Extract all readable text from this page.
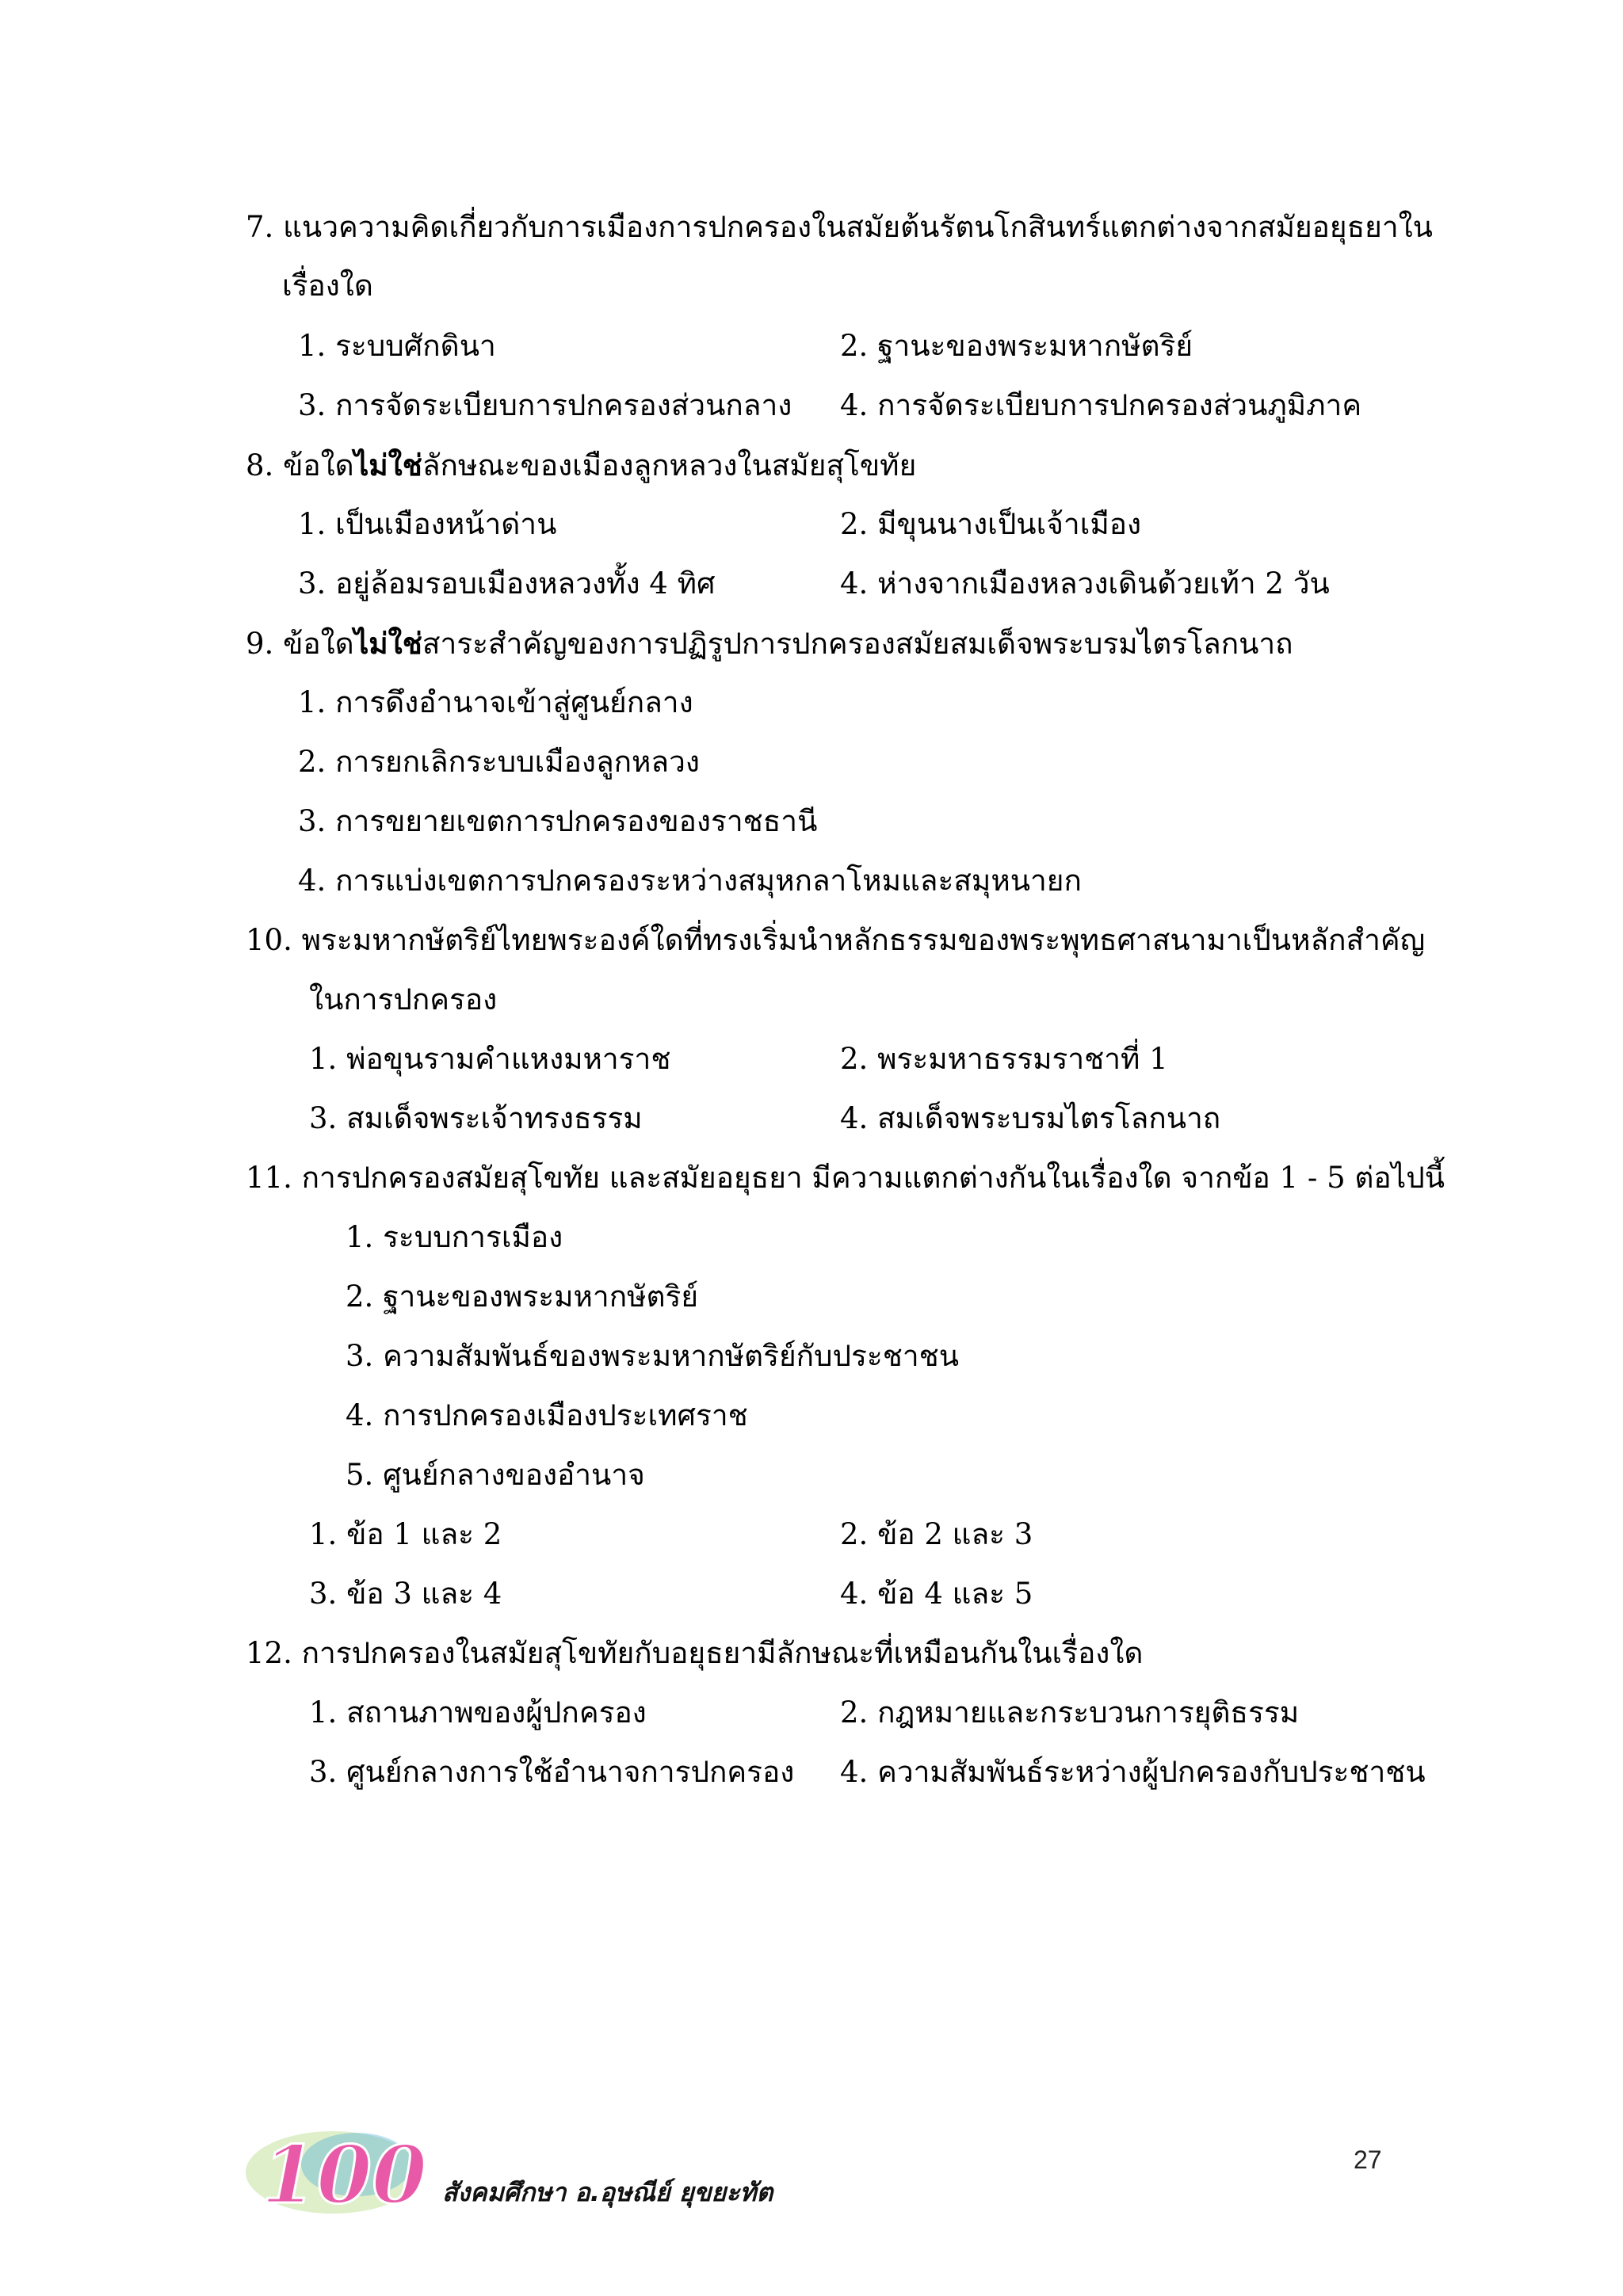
7. แนวความคิดเกี่ยวกับการเมืองการปกครองในสมัยต้นรัตนโกสินทร์แตกต่างจากสมัยอยุธยาใน
เรื่องใด
1. ระบบศักดินา	2. ฐานะของพระมหากษัตริย์
3. การจัดระเบียบการปกครองส่วนกลาง 4. การจัดระเบียบการปกครองส่วนภูมิภาค
8. ข้อใดไม่ใช่ลักษณะของเมืองลูกหลวงในสมัยสุโขทัย
1. เป็นเมืองหน้าด่าน	2. มีขุนนางเป็นเจ้าเมือง
3. อยู่ล้อมรอบเมืองหลวงทั้ง 4 ทิศ	4. ห่างจากเมืองหลวงเดินด้วยเท้า 2 วัน
9. ข้อใดไม่ใช่สาระสำคัญของการปฏิรูปการปกครองสมัยสมเด็จพระบรมไตรโลกนาถ
1. การดึงอำนาจเข้าสู่ศูนย์กลาง
2. การยกเลิกระบบเมืองลูกหลวง
3. การขยายเขตการปกครองของราชธานี
4. การแบ่งเขตการปกครองระหว่างสมุหกลาโหมและสมุหนายก
10. พระมหากษัตริย์ไทยพระองค์ใดที่ทรงเริ่มนำหลักธรรมของพระพุทธศาสนามาเป็นหลักสำคัญ
ในการปกครอง
1. พ่อขุนรามคำแหงมหาราช	2. พระมหาธรรมราชาที่ 1
3. สมเด็จพระเจ้าทรงธรรม	4. สมเด็จพระบรมไตรโลกนาถ
11. การปกครองสมัยสุโขทัย และสมัยอยุธยา มีความแตกต่างกันในเรื่องใด จากข้อ 1 - 5 ต่อไปนี้
1. ระบบการเมือง
2. ฐานะของพระมหากษัตริย์
3. ความสัมพันธ์ของพระมหากษัตริย์กับประชาชน
4. การปกครองเมืองประเทศราช
5. ศูนย์กลางของอำนาจ
1. ข้อ 1 และ 2	2. ข้อ 2 และ 3
3. ข้อ 3 และ 4	4. ข้อ 4 และ 5
12. การปกครองในสมัยสุโขทัยกับอยุธยามีลักษณะที่เหมือนกันในเรื่องใด
1. สถานภาพของผู้ปกครอง	2. กฎหมายและกระบวนการยุติธรรม
3. ศูนย์กลางการใช้อำนาจการปกครอง 4. ความสัมพันธ์ระหว่างผู้ปกครองกับประชาชน
100 สังคมศึกษา อ.อุษณีย์ ยุขยะทัต
27
